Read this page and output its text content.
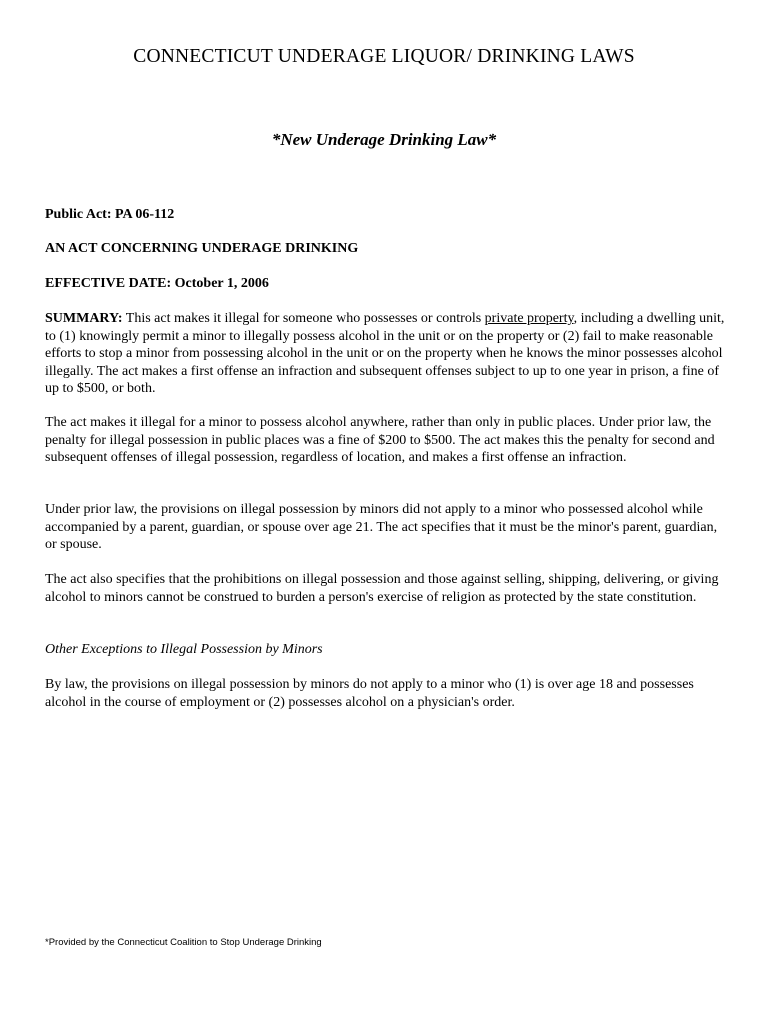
CONNECTICUT UNDERAGE LIQUOR/ DRINKING LAWS
*New Underage Drinking Law*

Public Act: PA 06-112

AN ACT CONCERNING UNDERAGE DRINKING

EFFECTIVE DATE: October 1, 2006

SUMMARY: This act makes it illegal for someone who possesses or controls private property, including a dwelling unit, to (1) knowingly permit a minor to illegally possess alcohol in the unit or on the property or (2) fail to make reasonable efforts to stop a minor from possessing alcohol in the unit or on the property when he knows the minor possesses alcohol illegally. The act makes a first offense an infraction and subsequent offenses subject to up to one year in prison, a fine of up to $500, or both.

The act makes it illegal for a minor to possess alcohol anywhere, rather than only in public places. Under prior law, the penalty for illegal possession in public places was a fine of $200 to $500. The act makes this the penalty for second and subsequent offenses of illegal possession, regardless of location, and makes a first offense an infraction.

Under prior law, the provisions on illegal possession by minors did not apply to a minor who possessed alcohol while accompanied by a parent, guardian, or spouse over age 21. The act specifies that it must be the minor's parent, guardian, or spouse.

The act also specifies that the prohibitions on illegal possession and those against selling, shipping, delivering, or giving alcohol to minors cannot be construed to burden a person's exercise of religion as protected by the state constitution.

Other Exceptions to Illegal Possession by Minors

By law, the provisions on illegal possession by minors do not apply to a minor who (1) is over age 18 and possesses alcohol in the course of employment or (2) possesses alcohol on a physician's order.

*Provided by the Connecticut Coalition to Stop Underage Drinking
